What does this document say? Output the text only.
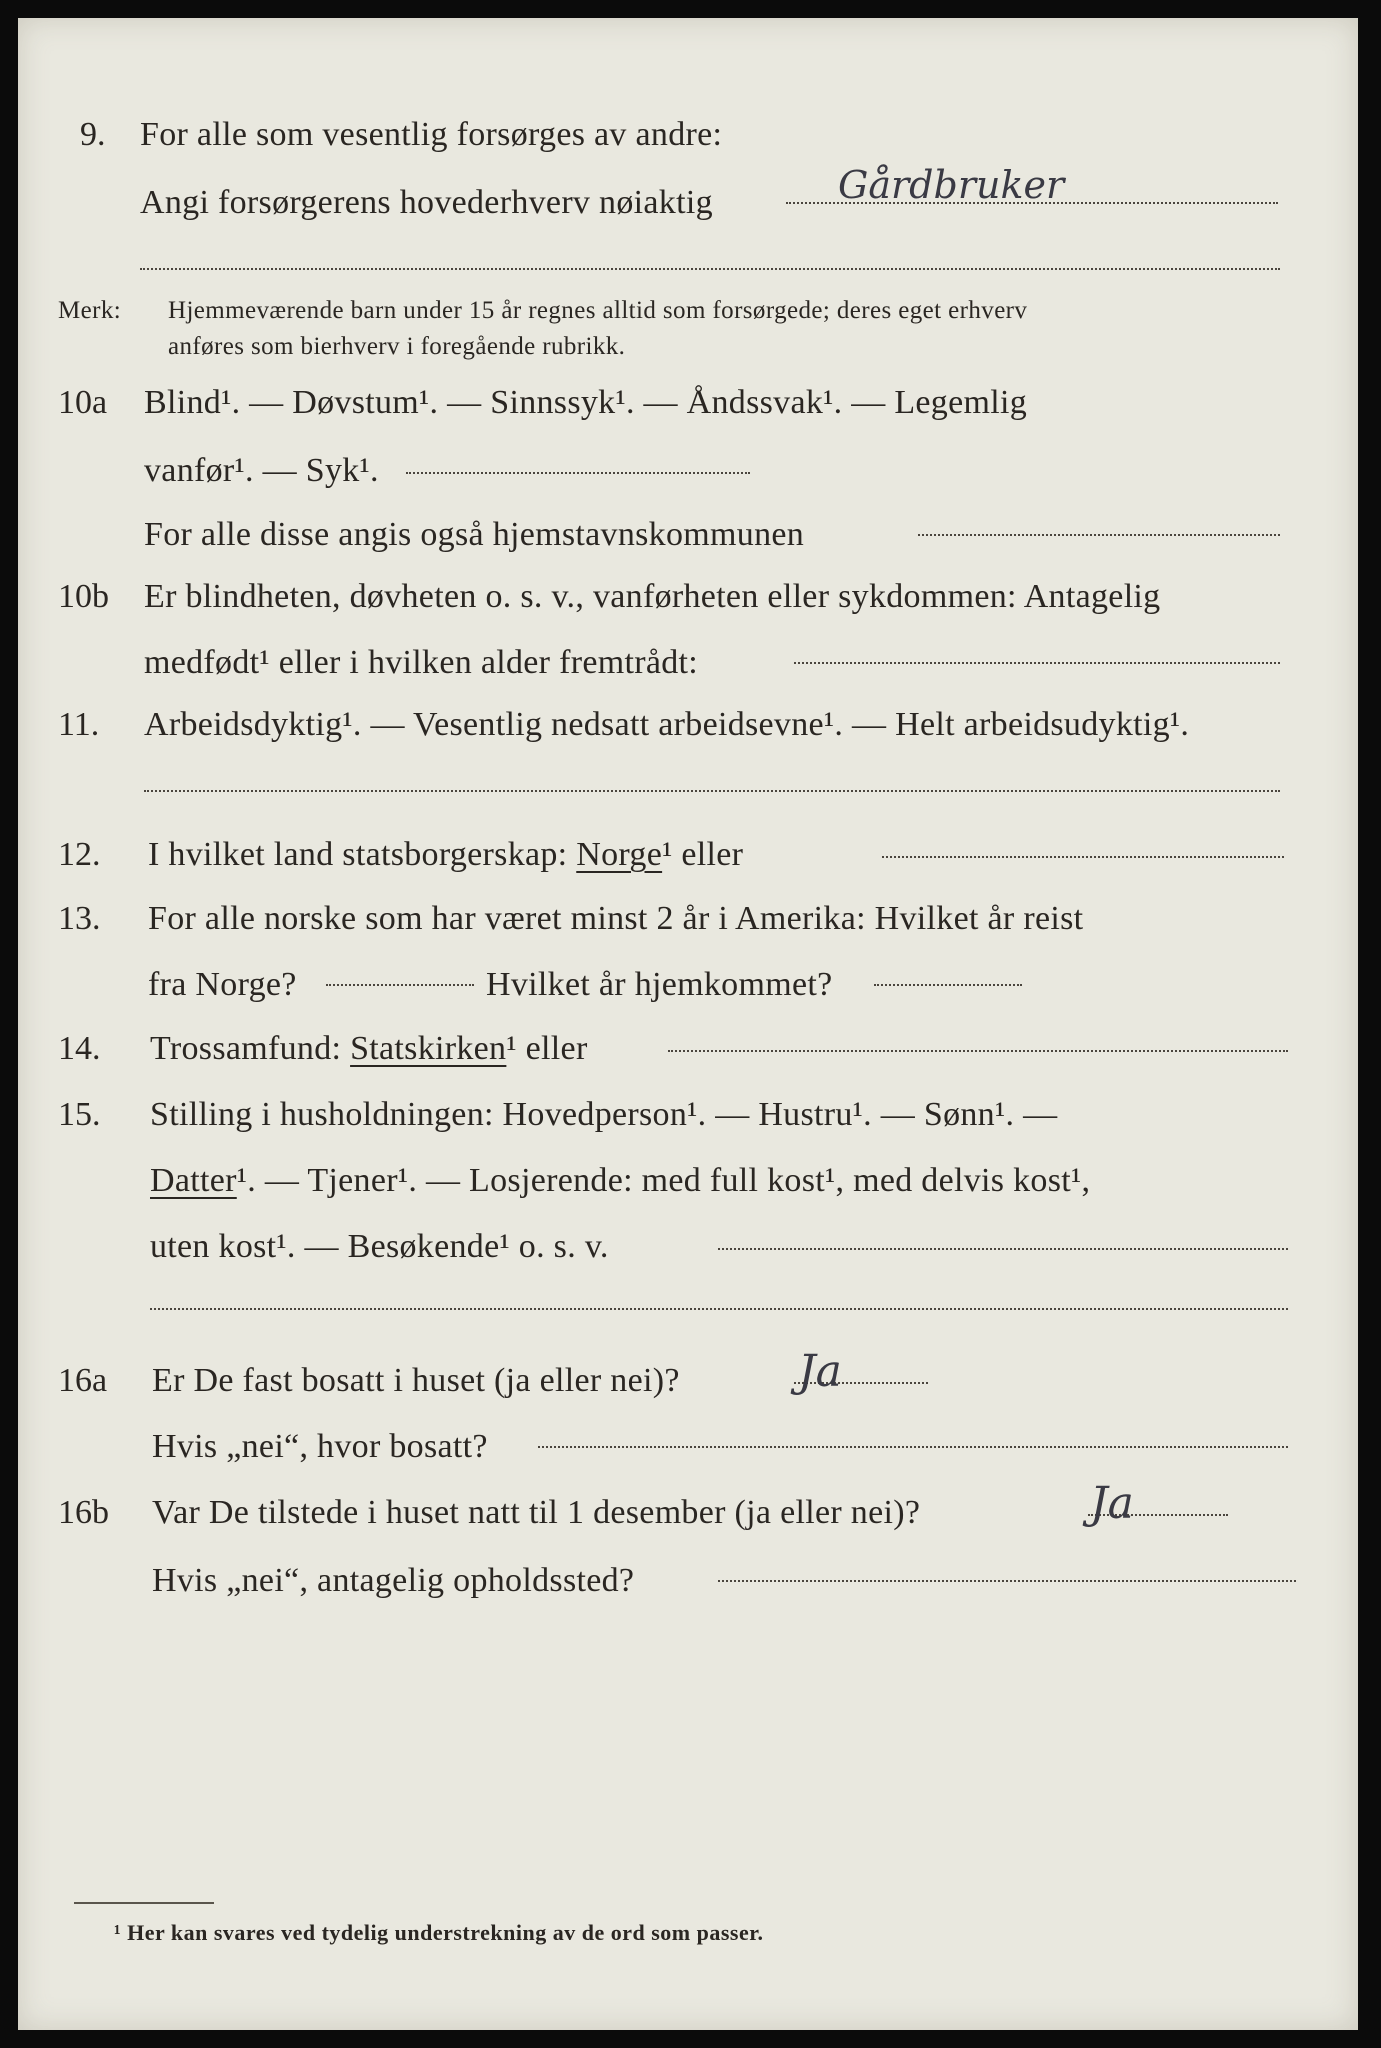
9. For alle som vesentlig forsørges av andre:
Angi forsørgerens hovederhverv nøiaktig	Gårdbruker
Merk: Hjemmeværende barn under 15 år regnes alltid som forsørgede; deres eget erhverv
anføres som bierhverv i foregående rubrikk.
10a Blind¹. — Døvstum¹. — Sinnssyk¹. — Åndssvak¹. — Legemlig
vanfør¹. — Syk¹.
For alle disse angis også hjemstavnskommunen
10b Er blindheten, døvheten o. s. v., vanførheten eller sykdommen: Antagelig
medfødt¹ eller i hvilken alder fremtrådt:
11. Arbeidsdyktig¹. — Vesentlig nedsatt arbeidsevne¹. — Helt arbeidsudyktig¹.
12. I hvilket land statsborgerskap: Norge¹ eller
13. For alle norske som har været minst 2 år i Amerika: Hvilket år reist
fra Norge?	Hvilket år hjemkommet?
14. Trossamfund: Statskirken¹ eller
15. Stilling i husholdningen: Hovedperson¹. — Hustru¹. — Sønn¹. —
Datter¹. — Tjener¹. — Losjerende: med full kost¹, med delvis kost¹,
uten kost¹. — Besøkende¹ o. s. v.
16a Er De fast bosatt i huset (ja eller nei)?	Ja
Hvis „nei“, hvor bosatt?
16b Var De tilstede i huset natt til 1 desember (ja eller nei)?	Ja
Hvis „nei“, antagelig opholdssted?
¹ Her kan svares ved tydelig understrekning av de ord som passer.
